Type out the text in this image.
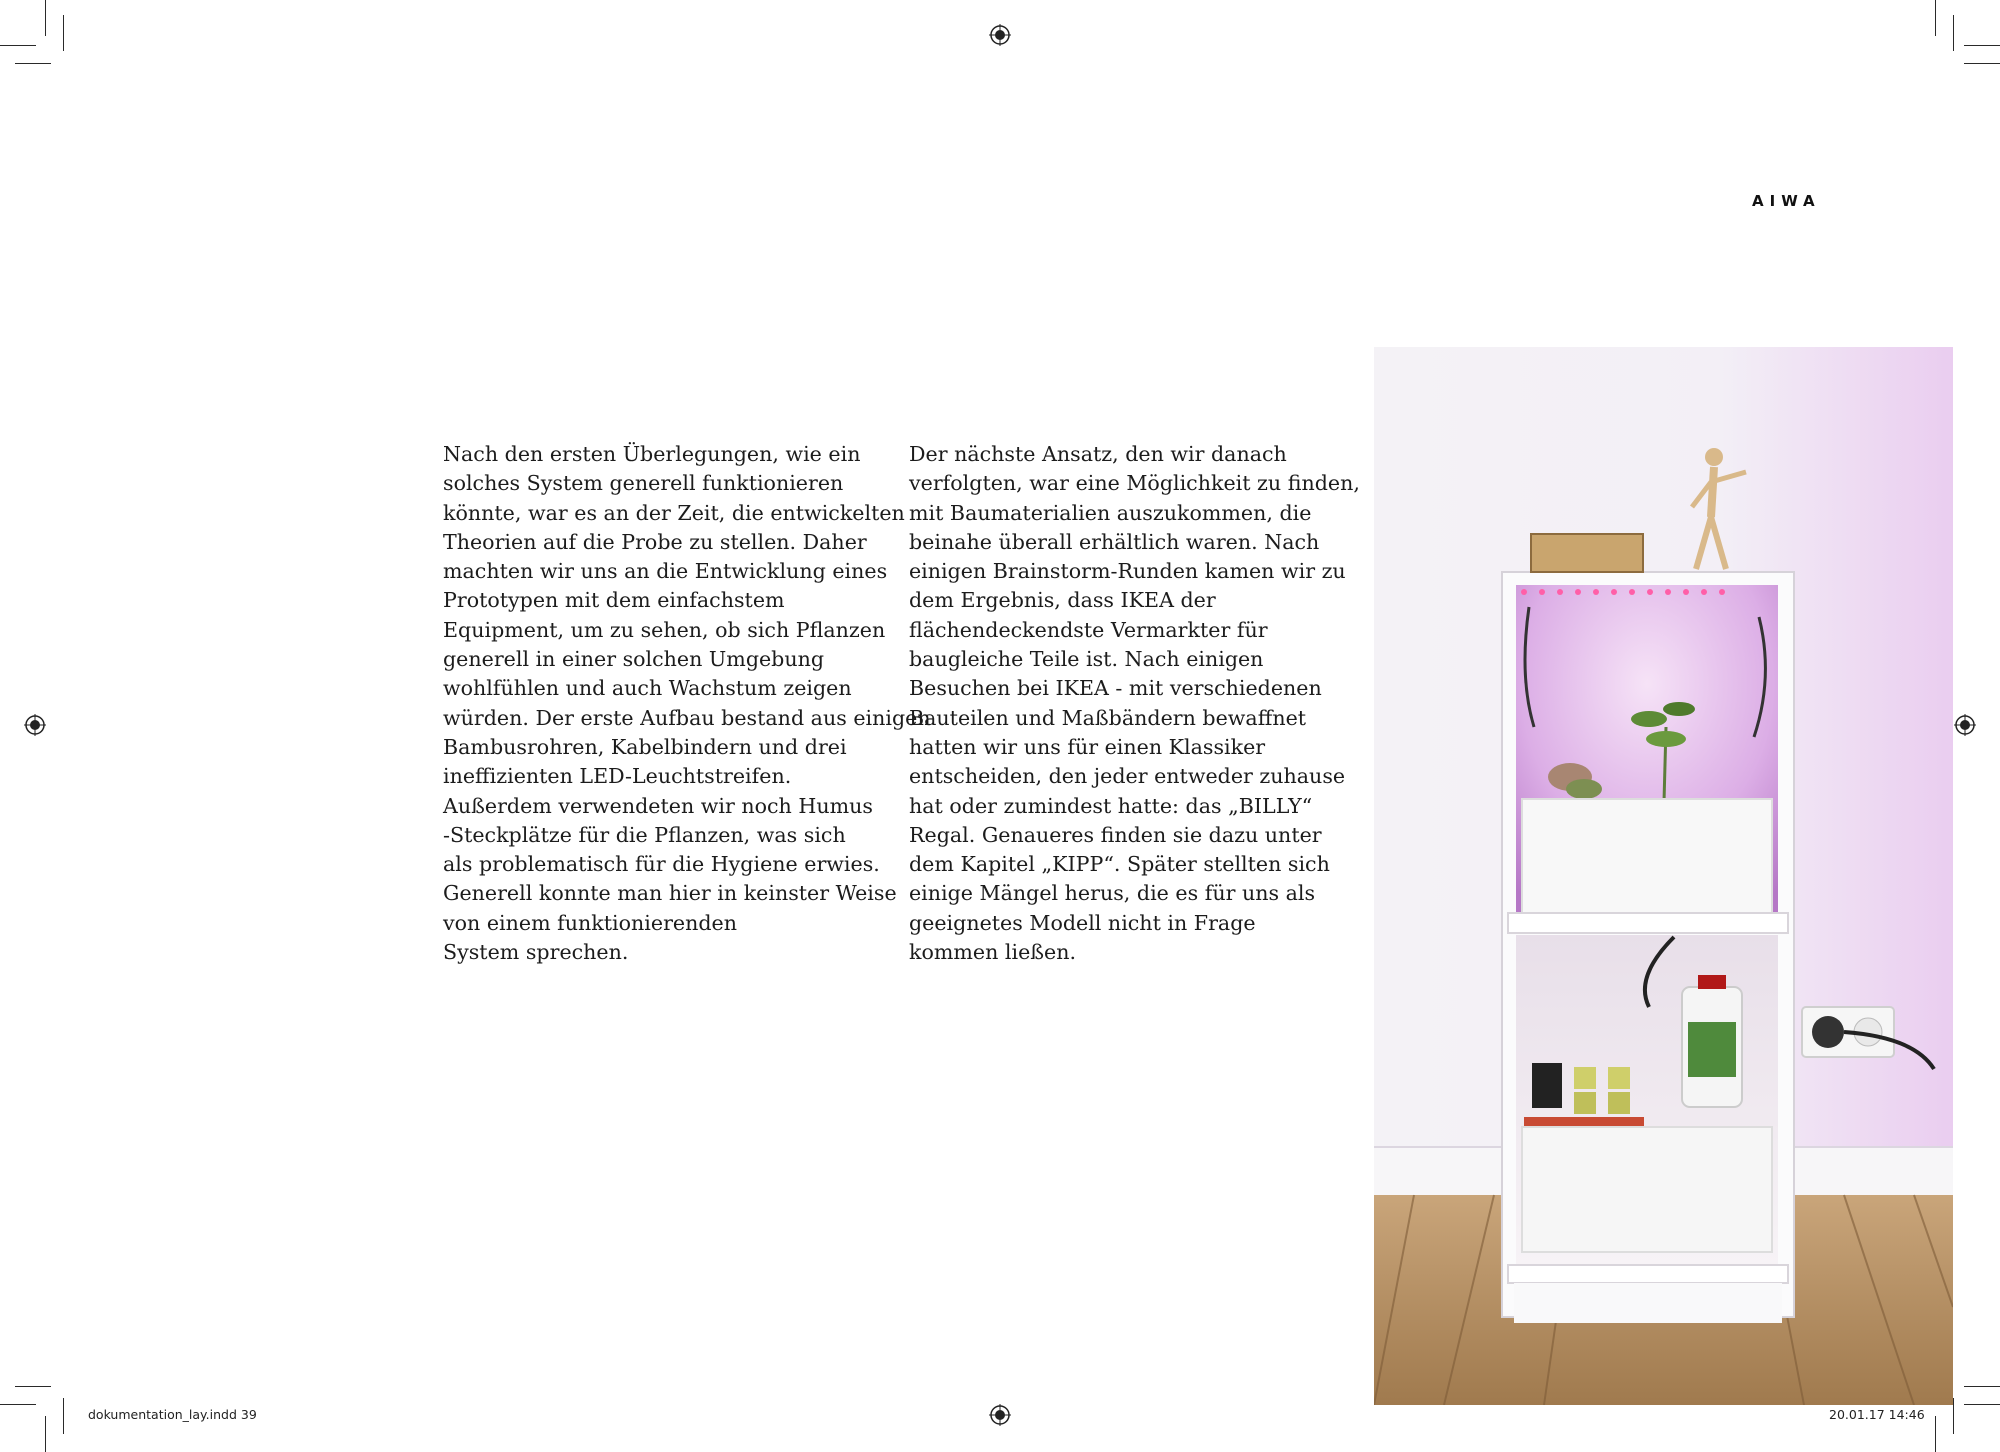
AIWA
Nach den ersten Überlegungen, wie ein
solches System generell funktionieren
könnte, war es an der Zeit, die entwickelten
Theorien auf die Probe zu stellen. Daher
machten wir uns an die Entwicklung eines
Prototypen mit dem einfachstem
Equipment, um zu sehen, ob sich Pflanzen
generell in einer solchen Umgebung
wohlfühlen und auch Wachstum zeigen
würden. Der erste Aufbau bestand aus einigen
Bambusrohren, Kabelbindern und drei
ineffizienten LED-Leuchtstreifen.
Außerdem verwendeten wir noch Humus
-Steckplätze für die Pflanzen, was sich
als problematisch für die Hygiene erwies.
Generell konnte man hier in keinster Weise
von einem funktionierenden
System sprechen.
Der nächste Ansatz, den wir danach
verfolgten, war eine Möglichkeit zu finden,
mit Baumaterialien auszukommen, die
beinahe überall erhältlich waren. Nach
einigen Brainstorm-Runden kamen wir zu
dem Ergebnis, dass IKEA der
flächendeckendste Vermarkter für
baugleiche Teile ist. Nach einigen
Besuchen bei IKEA - mit verschiedenen
Bauteilen und Maßbändern bewaffnet
hatten wir uns für einen Klassiker
entscheiden, den jeder entweder zuhause
hat oder zumindest hatte: das „BILLY“
Regal. Genaueres finden sie dazu unter
dem Kapitel „KIPP“. Später stellten sich
einige Mängel herus, die es für uns als
geeignetes Modell nicht in Frage
kommen ließen.
dokumentation_lay.indd 39	20.01.17 14:46
